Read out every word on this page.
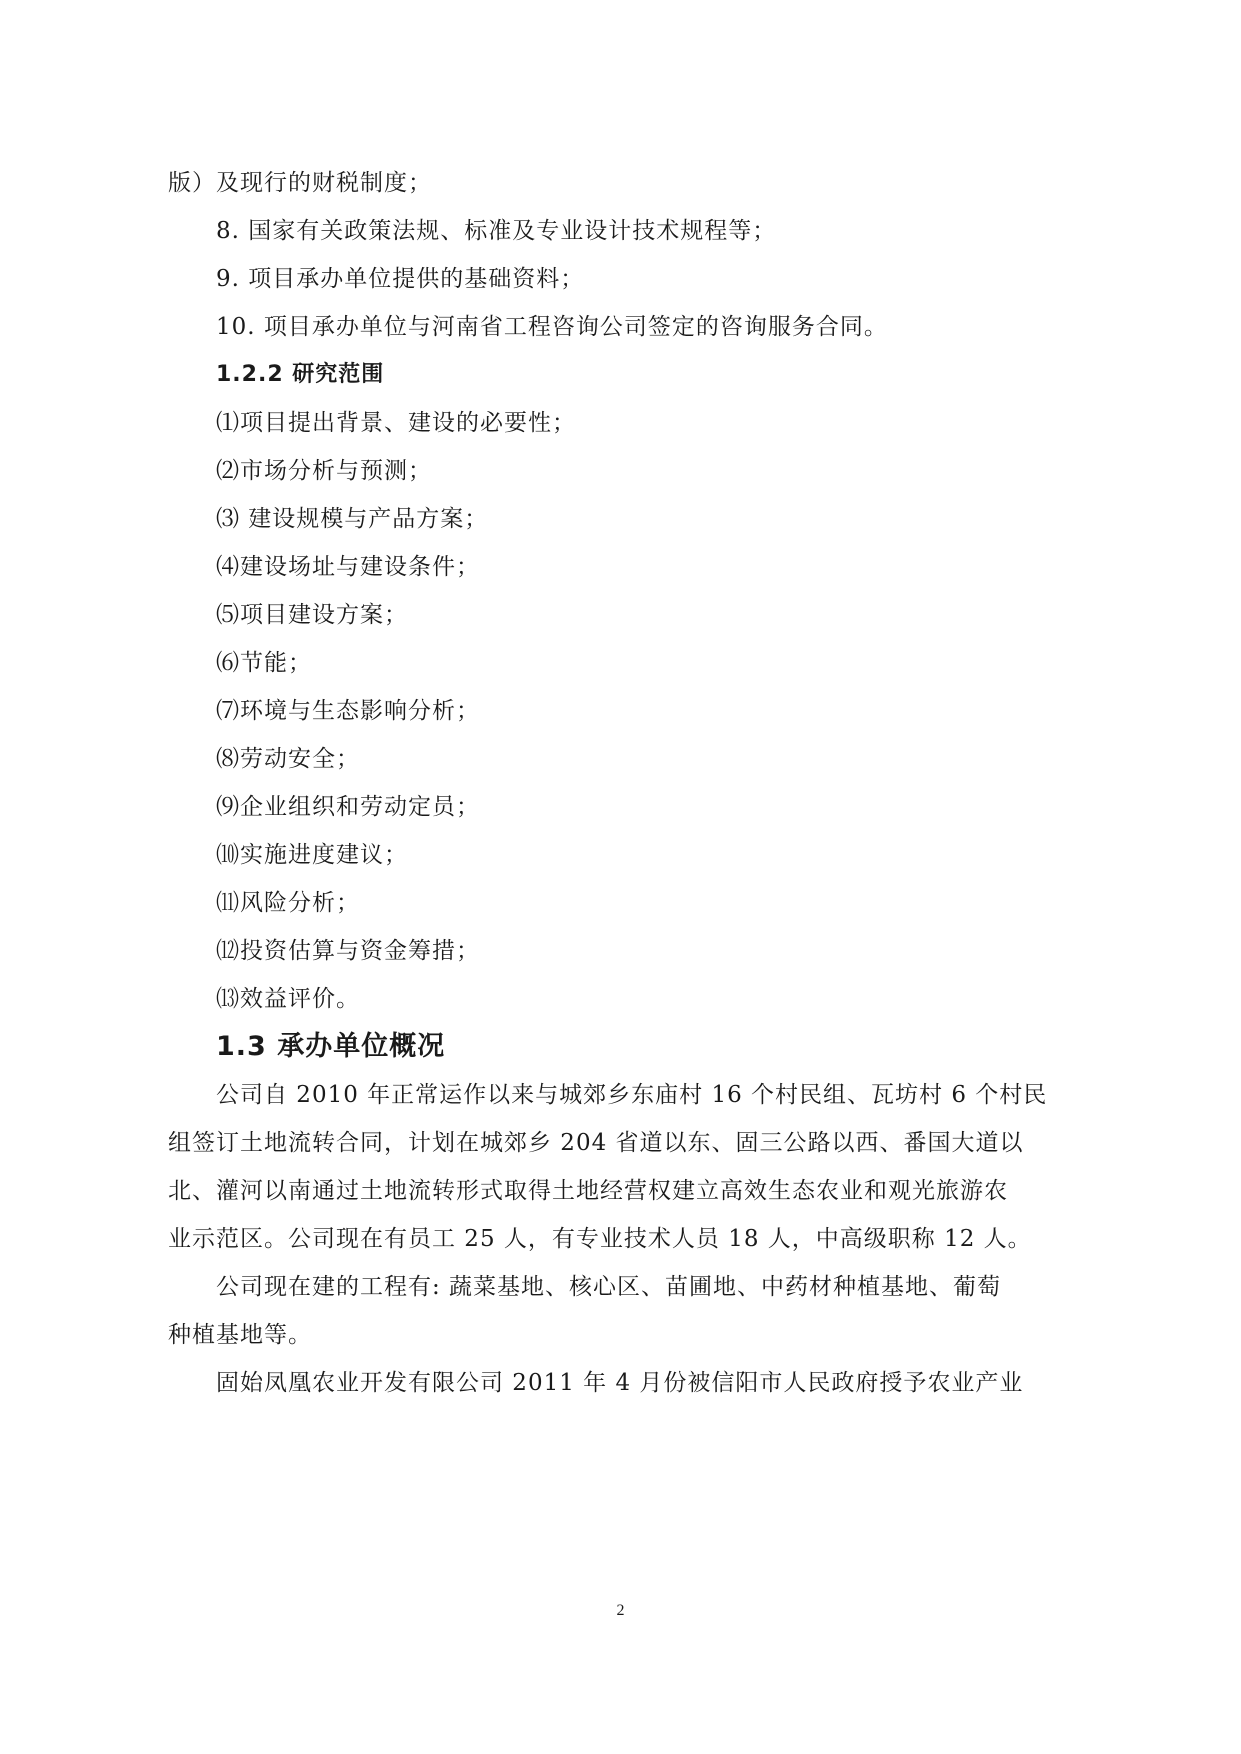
版）及现行的财税制度；
8. 国家有关政策法规、标准及专业设计技术规程等；
9. 项目承办单位提供的基础资料；
10. 项目承办单位与河南省工程咨询公司签定的咨询服务合同。
1.2.2 研究范围
⑴项目提出背景、建设的必要性；
⑵市场分析与预测；
⑶ 建设规模与产品方案；
⑷建设场址与建设条件；
⑸项目建设方案；
⑹节能；
⑺环境与生态影响分析；
⑻劳动安全；
⑼企业组织和劳动定员；
⑽实施进度建议；
⑾风险分析；
⑿投资估算与资金筹措；
⒀效益评价。
1.3 承办单位概况
公司自 2010 年正常运作以来与城郊乡东庙村 16 个村民组、瓦坊村 6 个村民
组签订土地流转合同，计划在城郊乡 204 省道以东、固三公路以西、番国大道以
北、灌河以南通过土地流转形式取得土地经营权建立高效生态农业和观光旅游农
业示范区。公司现在有员工 25 人，有专业技术人员 18 人，中高级职称 12 人。
公司现在建的工程有: 蔬菜基地、核心区、苗圃地、中药材种植基地、葡萄
种植基地等。
固始凤凰农业开发有限公司 2011 年 4 月份被信阳市人民政府授予农业产业
2
